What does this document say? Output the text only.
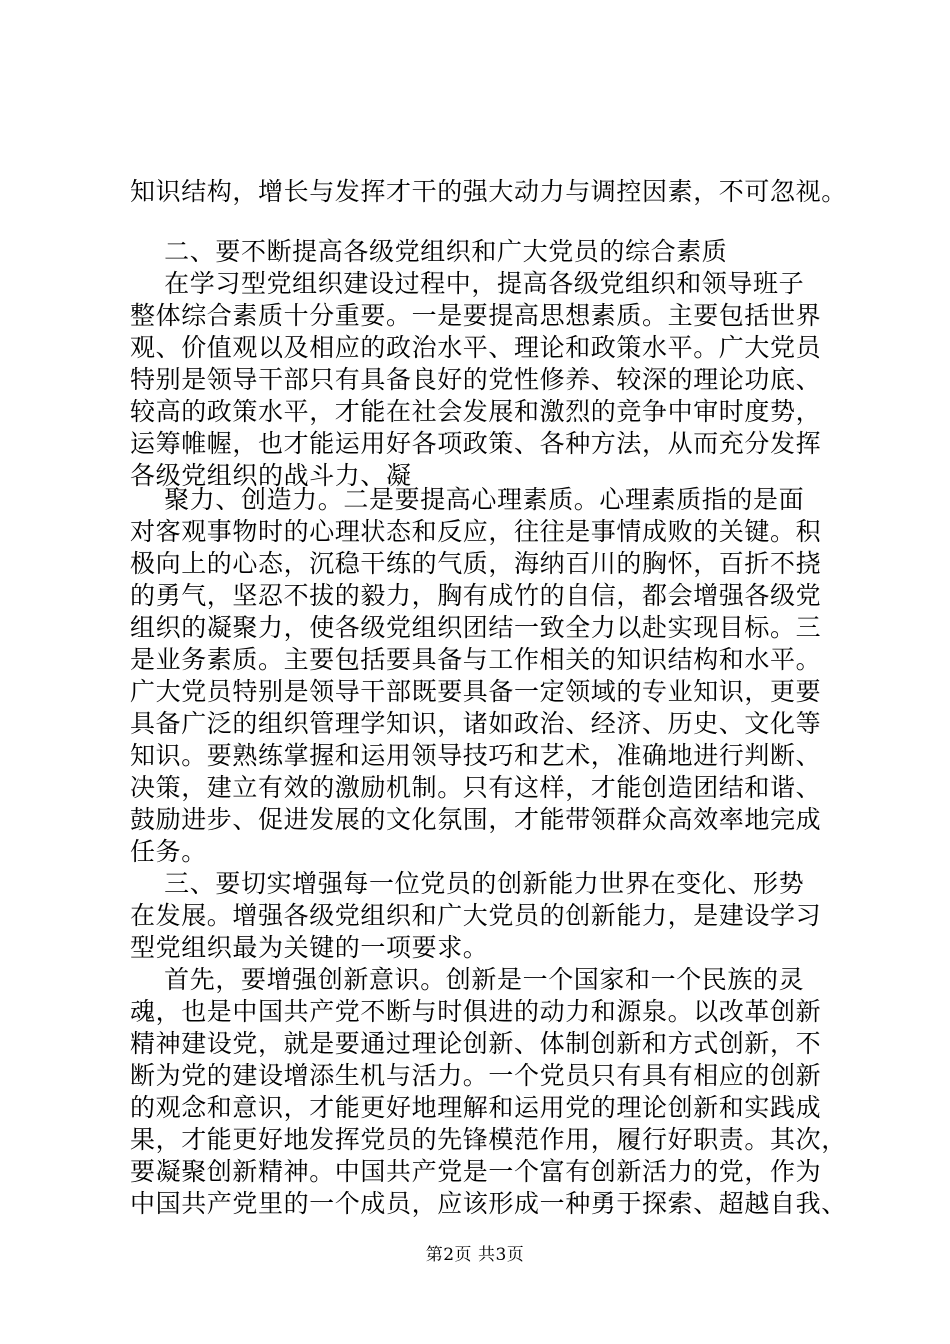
知识结构，增长与发挥才干的强大动力与调控因素，不可忽视。
二、要不断提高各级党组织和广大党员的综合素质
在学习型党组织建设过程中，提高各级党组织和领导班子
整体综合素质十分重要。一是要提高思想素质。主要包括世界
观、价值观以及相应的政治水平、理论和政策水平。广大党员
特别是领导干部只有具备良好的党性修养、较深的理论功底、
较高的政策水平，才能在社会发展和激烈的竞争中审时度势，
运筹帷幄，也才能运用好各项政策、各种方法，从而充分发挥
各级党组织的战斗力、凝
聚力、创造力。二是要提高心理素质。心理素质指的是面
对客观事物时的心理状态和反应，往往是事情成败的关键。积
极向上的心态，沉稳干练的气质，海纳百川的胸怀，百折不挠
的勇气，坚忍不拔的毅力，胸有成竹的自信，都会增强各级党
组织的凝聚力，使各级党组织团结一致全力以赴实现目标。三
是业务素质。主要包括要具备与工作相关的知识结构和水平。
广大党员特别是领导干部既要具备一定领域的专业知识，更要
具备广泛的组织管理学知识，诸如政治、经济、历史、文化等
知识。要熟练掌握和运用领导技巧和艺术，准确地进行判断、
决策，建立有效的激励机制。只有这样，才能创造团结和谐、
鼓励进步、促进发展的文化氛围，才能带领群众高效率地完成
任务。
三、要切实增强每一位党员的创新能力世界在变化、形势
在发展。增强各级党组织和广大党员的创新能力，是建设学习
型党组织最为关键的一项要求。
首先，要增强创新意识。创新是一个国家和一个民族的灵
魂，也是中国共产党不断与时俱进的动力和源泉。以改革创新
精神建设党，就是要通过理论创新、体制创新和方式创新，不
断为党的建设增添生机与活力。一个党员只有具有相应的创新
的观念和意识，才能更好地理解和运用党的理论创新和实践成
果，才能更好地发挥党员的先锋模范作用，履行好职责。其次，
要凝聚创新精神。中国共产党是一个富有创新活力的党，作为
中国共产党里的一个成员，应该形成一种勇于探索、超越自我、
第2页 共3页
